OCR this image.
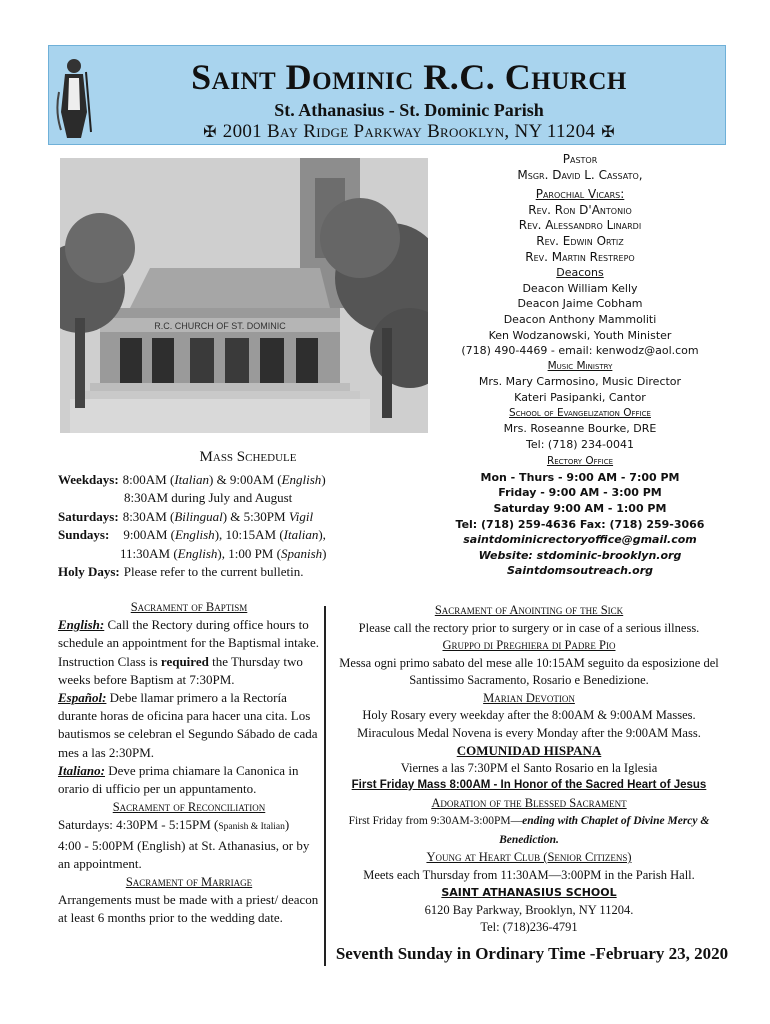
Saint Dominic R.C. Church
St. Athanasius - St. Dominic Parish
✠ 2001 Bay Ridge Parkway Brooklyn, NY 11204 ✠
R.C. CHURCH OF ST. DOMINIC
Pastor
Msgr. David L. Cassato,
Parochial Vicars:
Rev. Ron D'Antonio
Rev. Alessandro Linardi
Rev. Edwin Ortiz
Rev. Martin Restrepo
Deacons
Deacon William Kelly
Deacon Jaime Cobham
Deacon Anthony Mammoliti
Ken Wodzanowski, Youth Minister
(718) 490-4469 - email: kenwodz@aol.com
Music Ministry
Mrs. Mary Carmosino, Music Director
Kateri Pasipanki, Cantor
School of Evangelization Office
Mrs. Roseanne Bourke, DRE
Tel: (718) 234-0041
Rectory Office
Mon - Thurs - 9:00 AM - 7:00 PM
Friday - 9:00 AM - 3:00 PM
Saturday 9:00 AM - 1:00 PM
Tel: (718) 259-4636 Fax: (718) 259-3066
saintdominicrectoryoffice@gmail.com
Website: stdominic-brooklyn.org
Saintdomsoutreach.org
Mass Schedule
Weekdays: 8:00AM (Italian) & 9:00AM (English)
8:30AM during July and August
Saturdays: 8:30AM (Bilingual) & 5:30PM Vigil
Sundays: 9:00AM (English), 10:15AM (Italian),
11:30AM (English), 1:00 PM (Spanish)
Holy Days: Please refer to the current bulletin.
Sacrament of Baptism
English: Call the Rectory during office hours to schedule an appointment for the Baptismal intake.
Instruction Class is required the Thursday two weeks before Baptism at 7:30PM.
Español: Debe llamar primero a la Rectoría durante horas de oficina para hacer una cita. Los bautismos se celebran el Segundo Sábado de cada mes a las 2:30PM.
Italiano: Deve prima chiamare la Canonica in orario di ufficio per un appuntamento.
Sacrament of Reconciliation
Saturdays: 4:30PM - 5:15PM (Spanish & Italian)
4:00 - 5:00PM (English) at St. Athanasius, or by an appointment.
Sacrament of Marriage
Arrangements must be made with a priest/ deacon at least 6 months prior to the wedding date.
Sacrament of Anointing of the Sick
Please call the rectory prior to surgery or in case of a serious illness.
Gruppo di Preghiera di Padre Pio
Messa ogni primo sabato del mese alle 10:15AM seguito da esposizione del Santissimo Sacramento, Rosario e Benedizione.
Marian Devotion
Holy Rosary every weekday after the 8:00AM & 9:00AM Masses.
Miraculous Medal Novena is every Monday after the 9:00AM Mass.
COMUNIDAD HISPANA
Viernes a las 7:30PM el Santo Rosario en la Iglesia
First Friday Mass 8:00AM - In Honor of the Sacred Heart of Jesus
Adoration of the Blessed Sacrament
First Friday from 9:30AM-3:00PM—ending with Chaplet of Divine Mercy & Benediction.
Young at Heart Club (Senior Citizens)
Meets each Thursday from 11:30AM—3:00PM in the Parish Hall.
SAINT ATHANASIUS SCHOOL
6120 Bay Parkway, Brooklyn, NY 11204.
Tel: (718)236-4791
Seventh Sunday in Ordinary Time -February 23, 2020
